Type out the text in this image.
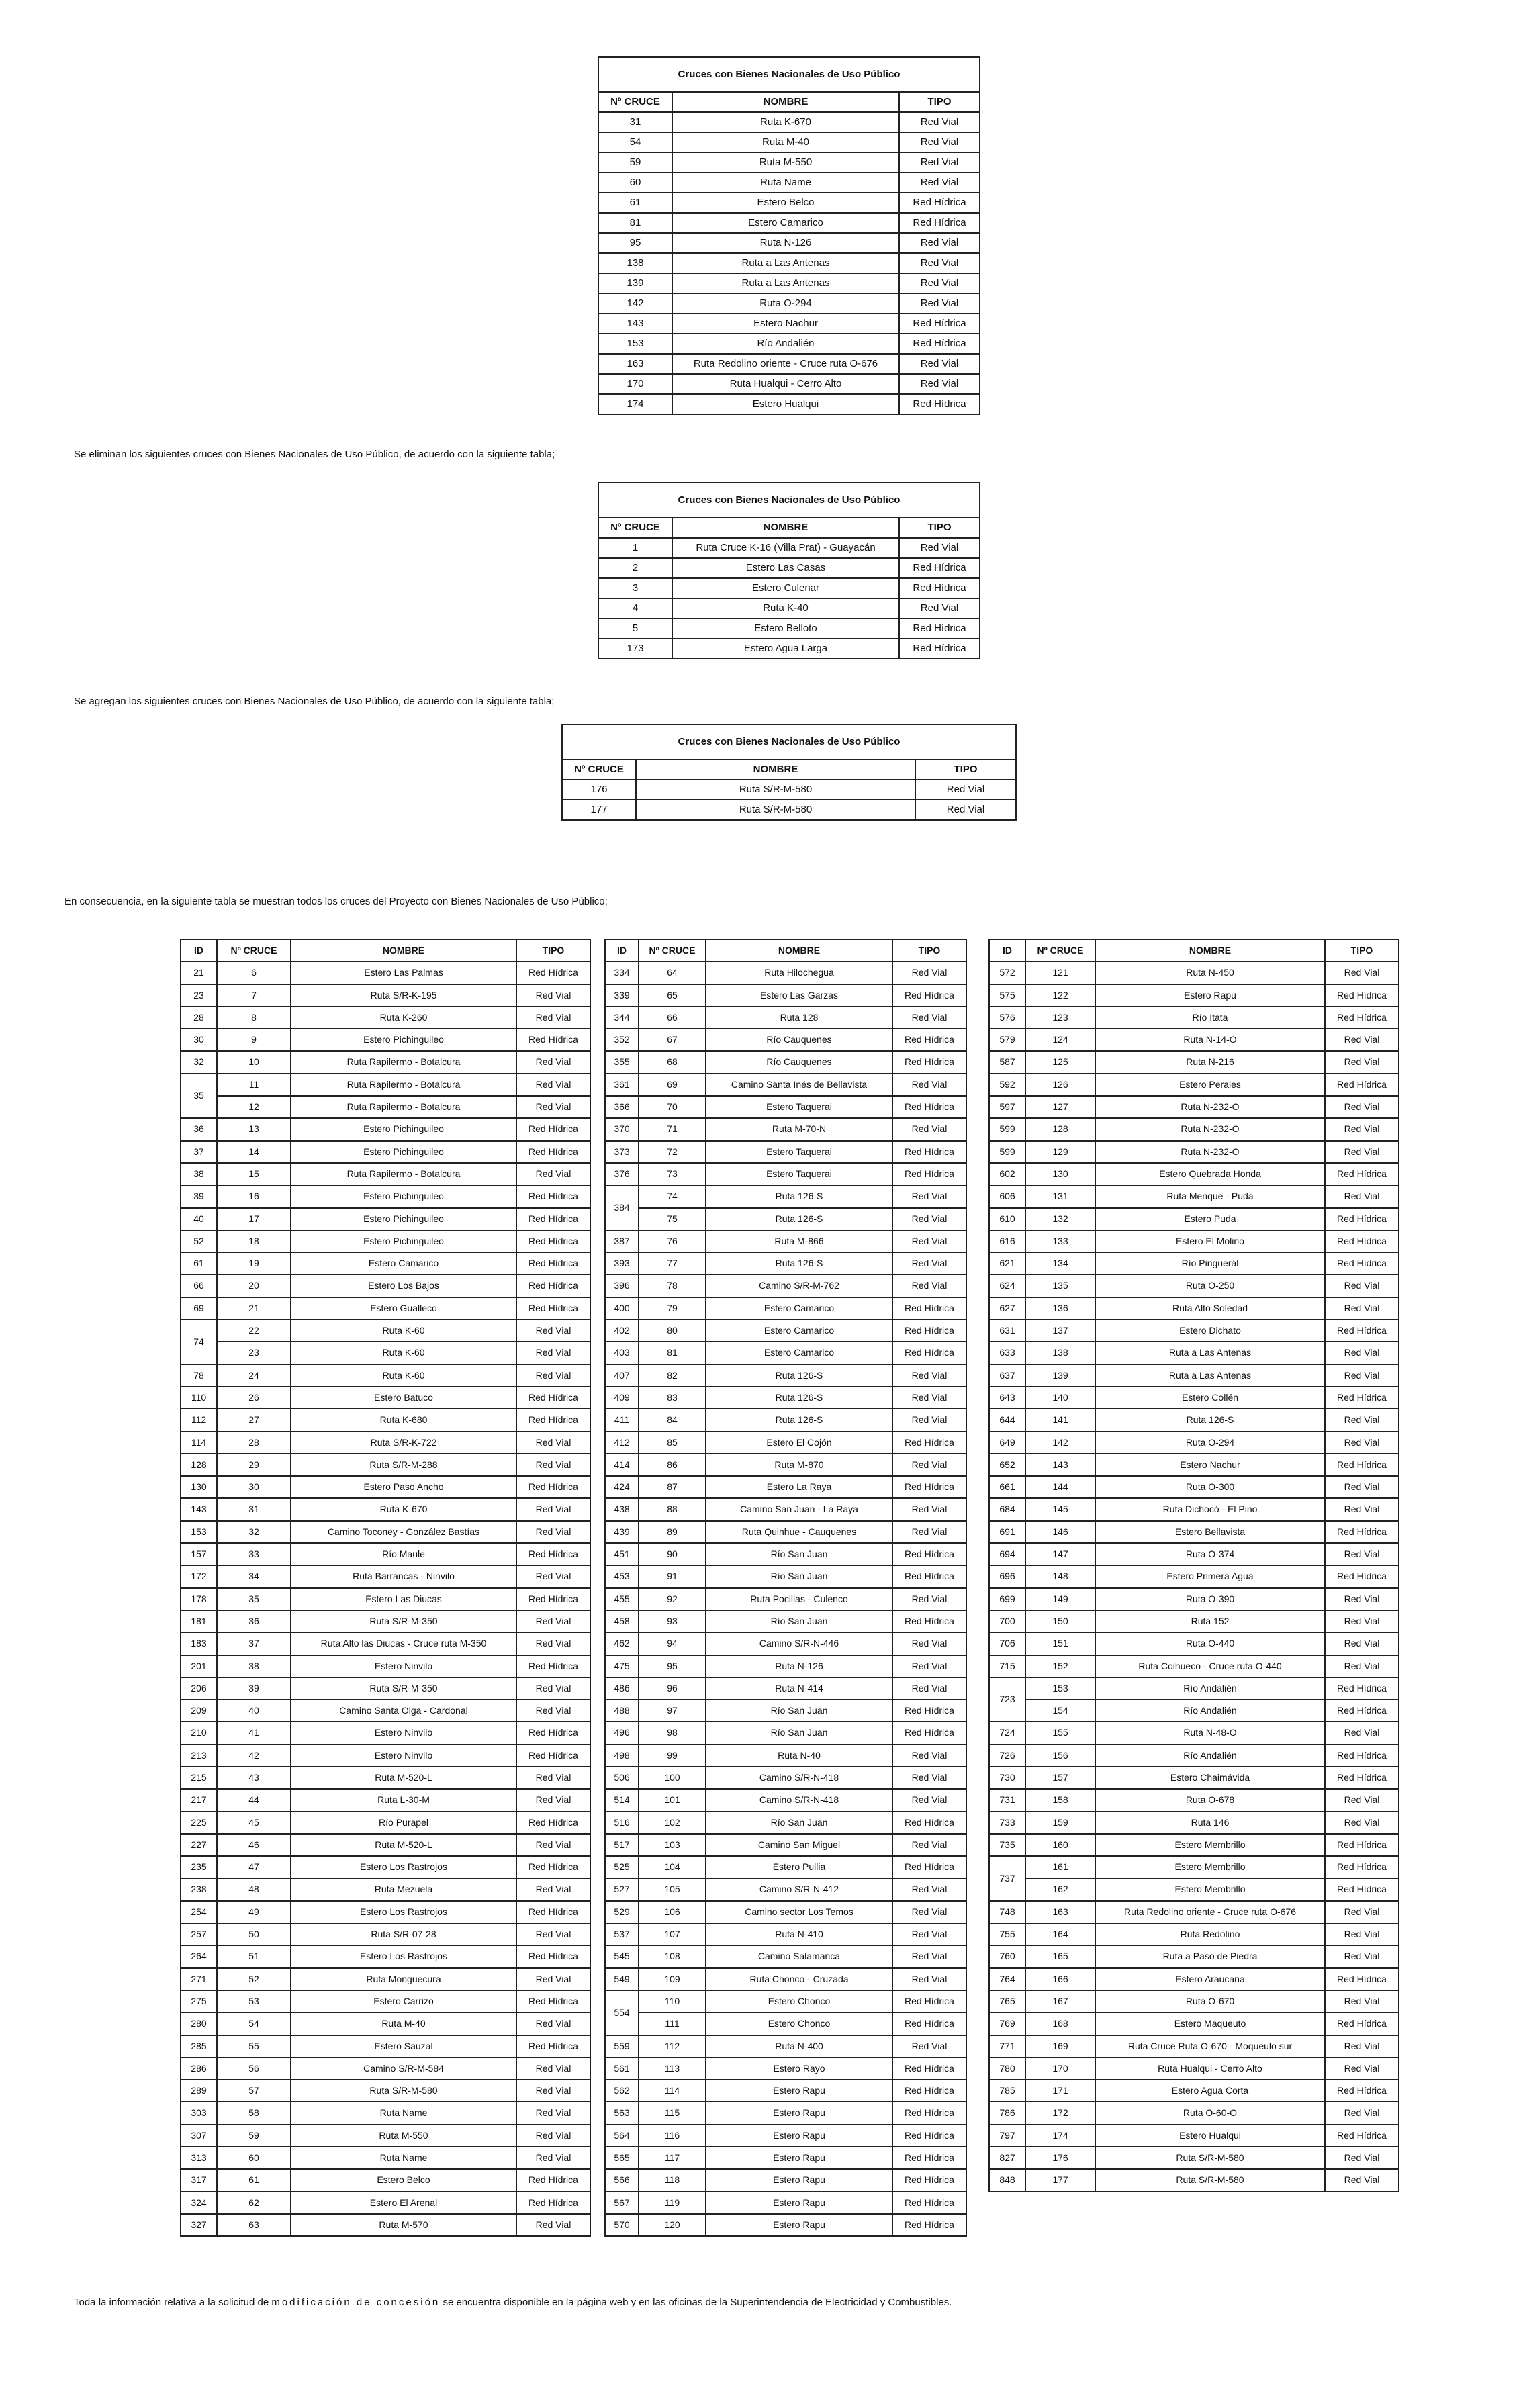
Cruces con Bienes Nacionales de Uso Público		
Nº CRUCE	NOMBRE	TIPO
31	Ruta K-670	Red Vial
54	Ruta M-40	Red Vial
59	Ruta M-550	Red Vial
60	Ruta Name	Red Vial
61	Estero Belco	Red Hídrica
81	Estero Camarico	Red Hídrica
95	Ruta N-126	Red Vial
138	Ruta a Las Antenas	Red Vial
139	Ruta a Las Antenas	Red Vial
142	Ruta O-294	Red Vial
143	Estero Nachur	Red Hídrica
153	Río Andalién	Red Hídrica
163	Ruta Redolino oriente - Cruce ruta O-676	Red Vial
170	Ruta Hualqui - Cerro Alto	Red Vial
174	Estero Hualqui	Red Hídrica
Se eliminan los siguientes cruces con Bienes Nacionales de Uso Público, de acuerdo con la siguiente tabla;
Cruces con Bienes Nacionales de Uso Público		
Nº CRUCE	NOMBRE	TIPO
1	Ruta Cruce K-16 (Villa Prat) - Guayacán	Red Vial
2	Estero Las Casas	Red Hídrica
3	Estero Culenar	Red Hídrica
4	Ruta K-40	Red Vial
5	Estero Belloto	Red Hídrica
173	Estero Agua Larga	Red Hídrica
Se agregan los siguientes cruces con Bienes Nacionales de Uso Público, de acuerdo con la siguiente tabla;
Cruces con Bienes Nacionales de Uso Público		
Nº CRUCE	NOMBRE	TIPO
176	Ruta S/R-M-580	Red Vial
177	Ruta S/R-M-580	Red Vial
En consecuencia, en la siguiente tabla se muestran todos los cruces del Proyecto con Bienes Nacionales de Uso Público;
ID	Nº CRUCE	NOMBRE	TIPO
21	6	Estero Las Palmas	Red Hídrica
23	7	Ruta S/R-K-195	Red Vial
28	8	Ruta K-260	Red Vial
30	9	Estero Pichinguileo	Red Hídrica
32	10	Ruta Rapilermo - Botalcura	Red Vial
35	11	Ruta Rapilermo - Botalcura	Red Vial
	12	Ruta Rapilermo - Botalcura	Red Vial
36	13	Estero Pichinguileo	Red Hídrica
37	14	Estero Pichinguileo	Red Hídrica
38	15	Ruta Rapilermo - Botalcura	Red Vial
39	16	Estero Pichinguileo	Red Hídrica
40	17	Estero Pichinguileo	Red Hídrica
52	18	Estero Pichinguileo	Red Hídrica
61	19	Estero Camarico	Red Hídrica
66	20	Estero Los Bajos	Red Hídrica
69	21	Estero Gualleco	Red Hídrica
74	22	Ruta K-60	Red Vial
	23	Ruta K-60	Red Vial
78	24	Ruta K-60	Red Vial
110	26	Estero Batuco	Red Hídrica
112	27	Ruta K-680	Red Hídrica
114	28	Ruta S/R-K-722	Red Vial
128	29	Ruta S/R-M-288	Red Vial
130	30	Estero Paso Ancho	Red Hídrica
143	31	Ruta K-670	Red Vial
153	32	Camino Toconey - González Bastías	Red Vial
157	33	Río Maule	Red Hídrica
172	34	Ruta Barrancas - Ninvilo	Red Vial
178	35	Estero Las Diucas	Red Hídrica
181	36	Ruta S/R-M-350	Red Vial
183	37	Ruta Alto las Diucas - Cruce ruta M-350	Red Vial
201	38	Estero Ninvilo	Red Hídrica
206	39	Ruta S/R-M-350	Red Vial
209	40	Camino Santa Olga - Cardonal	Red Vial
210	41	Estero Ninvilo	Red Hídrica
213	42	Estero Ninvilo	Red Hídrica
215	43	Ruta M-520-L	Red Vial
217	44	Ruta L-30-M	Red Vial
225	45	Río Purapel	Red Hídrica
227	46	Ruta M-520-L	Red Vial
235	47	Estero Los Rastrojos	Red Hídrica
238	48	Ruta Mezuela	Red Vial
254	49	Estero Los Rastrojos	Red Hídrica
257	50	Ruta S/R-07-28	Red Vial
264	51	Estero Los Rastrojos	Red Hídrica
271	52	Ruta Monguecura	Red Vial
275	53	Estero Carrizo	Red Hídrica
280	54	Ruta M-40	Red Vial
285	55	Estero Sauzal	Red Hídrica
286	56	Camino S/R-M-584	Red Vial
289	57	Ruta S/R-M-580	Red Vial
303	58	Ruta Name	Red Vial
307	59	Ruta M-550	Red Vial
313	60	Ruta Name	Red Vial
317	61	Estero Belco	Red Hídrica
324	62	Estero El Arenal	Red Hídrica
327	63	Ruta M-570	Red Vial
ID	Nº CRUCE	NOMBRE	TIPO
334	64	Ruta Hilochegua	Red Vial
339	65	Estero Las Garzas	Red Hídrica
344	66	Ruta 128	Red Vial
352	67	Río Cauquenes	Red Hídrica
355	68	Río Cauquenes	Red Hídrica
361	69	Camino Santa Inés de Bellavista	Red Vial
366	70	Estero Taquerai	Red Hídrica
370	71	Ruta M-70-N	Red Vial
373	72	Estero Taquerai	Red Hídrica
376	73	Estero Taquerai	Red Hídrica
384	74	Ruta 126-S	Red Vial
	75	Ruta 126-S	Red Vial
387	76	Ruta M-866	Red Vial
393	77	Ruta 126-S	Red Vial
396	78	Camino S/R-M-762	Red Vial
400	79	Estero Camarico	Red Hídrica
402	80	Estero Camarico	Red Hídrica
403	81	Estero Camarico	Red Hídrica
407	82	Ruta 126-S	Red Vial
409	83	Ruta 126-S	Red Vial
411	84	Ruta 126-S	Red Vial
412	85	Estero El Cojón	Red Hídrica
414	86	Ruta M-870	Red Vial
424	87	Estero La Raya	Red Hídrica
438	88	Camino San Juan - La Raya	Red Vial
439	89	Ruta Quinhue - Cauquenes	Red Vial
451	90	Río San Juan	Red Hídrica
453	91	Río San Juan	Red Hídrica
455	92	Ruta Pocillas - Culenco	Red Vial
458	93	Río San Juan	Red Hídrica
462	94	Camino S/R-N-446	Red Vial
475	95	Ruta N-126	Red Vial
486	96	Ruta N-414	Red Vial
488	97	Río San Juan	Red Hídrica
496	98	Río San Juan	Red Hídrica
498	99	Ruta N-40	Red Vial
506	100	Camino S/R-N-418	Red Vial
514	101	Camino S/R-N-418	Red Vial
516	102	Río San Juan	Red Hídrica
517	103	Camino San Miguel	Red Vial
525	104	Estero Pullia	Red Hídrica
527	105	Camino S/R-N-412	Red Vial
529	106	Camino sector Los Temos	Red Vial
537	107	Ruta N-410	Red Vial
545	108	Camino Salamanca	Red Vial
549	109	Ruta Chonco - Cruzada	Red Vial
554	110	Estero Chonco	Red Hídrica
	111	Estero Chonco	Red Hídrica
559	112	Ruta N-400	Red Vial
561	113	Estero Rayo	Red Hídrica
562	114	Estero Rapu	Red Hídrica
563	115	Estero Rapu	Red Hídrica
564	116	Estero Rapu	Red Hídrica
565	117	Estero Rapu	Red Hídrica
566	118	Estero Rapu	Red Hídrica
567	119	Estero Rapu	Red Hídrica
570	120	Estero Rapu	Red Hídrica
ID	Nº CRUCE	NOMBRE	TIPO
572	121	Ruta N-450	Red Vial
575	122	Estero Rapu	Red Hídrica
576	123	Río Itata	Red Hídrica
579	124	Ruta N-14-O	Red Vial
587	125	Ruta N-216	Red Vial
592	126	Estero Perales	Red Hídrica
597	127	Ruta N-232-O	Red Vial
599	128	Ruta N-232-O	Red Vial
599	129	Ruta N-232-O	Red Vial
602	130	Estero Quebrada Honda	Red Hídrica
606	131	Ruta Menque - Puda	Red Vial
610	132	Estero Puda	Red Hídrica
616	133	Estero El Molino	Red Hídrica
621	134	Río Pinguerál	Red Hídrica
624	135	Ruta O-250	Red Vial
627	136	Ruta Alto Soledad	Red Vial
631	137	Estero Dichato	Red Hídrica
633	138	Ruta a Las Antenas	Red Vial
637	139	Ruta a Las Antenas	Red Vial
643	140	Estero Collén	Red Hídrica
644	141	Ruta 126-S	Red Vial
649	142	Ruta O-294	Red Vial
652	143	Estero Nachur	Red Hídrica
661	144	Ruta O-300	Red Vial
684	145	Ruta Dichocó - El Pino	Red Vial
691	146	Estero Bellavista	Red Hídrica
694	147	Ruta O-374	Red Vial
696	148	Estero Primera Agua	Red Hídrica
699	149	Ruta O-390	Red Vial
700	150	Ruta 152	Red Vial
706	151	Ruta O-440	Red Vial
715	152	Ruta Coihueco - Cruce ruta O-440	Red Vial
723	153	Río Andalién	Red Hídrica
	154	Río Andalién	Red Hídrica
724	155	Ruta N-48-O	Red Vial
726	156	Río Andalién	Red Hídrica
730	157	Estero Chaimávida	Red Hídrica
731	158	Ruta O-678	Red Vial
733	159	Ruta 146	Red Vial
735	160	Estero Membrillo	Red Hídrica
737	161	Estero Membrillo	Red Hídrica
	162	Estero Membrillo	Red Hídrica
748	163	Ruta Redolino oriente - Cruce ruta O-676	Red Vial
755	164	Ruta Redolino	Red Vial
760	165	Ruta a Paso de Piedra	Red Vial
764	166	Estero Araucana	Red Hídrica
765	167	Ruta O-670	Red Vial
769	168	Estero Maqueuto	Red Hídrica
771	169	Ruta Cruce Ruta O-670 - Moqueulo sur	Red Vial
780	170	Ruta Hualqui - Cerro Alto	Red Vial
785	171	Estero Agua Corta	Red Hídrica
786	172	Ruta O-60-O	Red Vial
797	174	Estero Hualqui	Red Hídrica
827	176	Ruta S/R-M-580	Red Vial
848	177	Ruta S/R-M-580	Red Vial
Toda la información relativa a la solicitud de modificación de concesión se encuentra disponible en la página web y en las oficinas de la Superintendencia de Electricidad y Combustibles.
